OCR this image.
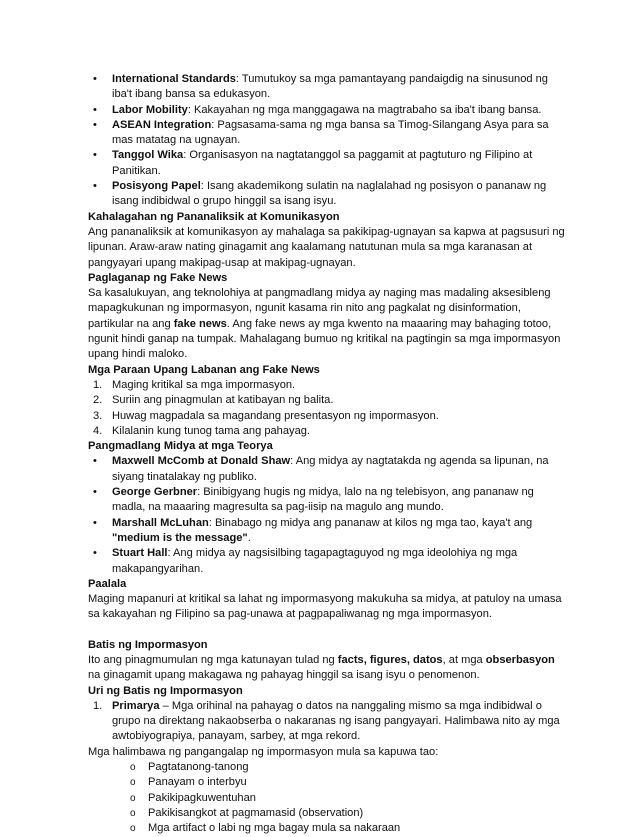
• International Standards: Tumutukoy sa mga pamantayang pandaigdig na sinusunod ng iba't ibang bansa sa edukasyon.
• Labor Mobility: Kakayahan ng mga manggagawa na magtrabaho sa iba't ibang bansa.
• ASEAN Integration: Pagsasama-sama ng mga bansa sa Timog-Silangang Asya para sa mas matatag na ugnayan.
• Tanggol Wika: Organisasyon na nagtatanggol sa paggamit at pagtuturo ng Filipino at Panitikan.
• Posisyong Papel: Isang akademikong sulatin na naglalahad ng posisyon o pananaw ng isang indibidwal o grupo hinggil sa isang isyu.

Kahalagahan ng Pananaliksik at Komunikasyon

Ang pananaliksik at komunikasyon ay mahalaga sa pakikipag-ugnayan sa kapwa at pagsusuri ng lipunan. Araw-araw nating ginagamit ang kaalamang natutunan mula sa mga karanasan at pangyayari upang makipag-usap at makipag-ugnayan.

Paglaganap ng Fake News

Sa kasalukuyan, ang teknolohiya at pangmadlang midya ay naging mas madaling aksesibleng mapagkukunan ng impormasyon, ngunit kasama rin nito ang pagkalat ng disinformation, partikular na ang fake news. Ang fake news ay mga kwento na maaaring may bahaging totoo, ngunit hindi ganap na tumpak. Mahalagang bumuo ng kritikal na pagtingin sa mga impormasyon upang hindi maloko.

Mga Paraan Upang Labanan ang Fake News

1. Maging kritikal sa mga impormasyon.
2. Suriin ang pinagmulan at katibayan ng balita.
3. Huwag magpadala sa magandang presentasyon ng impormasyon.
4. Kilalanin kung tunog tama ang pahayag.

Pangmadlang Midya at mga Teorya

• Maxwell McComb at Donald Shaw: Ang midya ay nagtatakda ng agenda sa lipunan, na siyang tinatalakay ng publiko.
• George Gerbner: Binibigyang hugis ng midya, lalo na ng telebisyon, ang pananaw ng madla, na maaaring magresulta sa pag-iisip na magulo ang mundo.
• Marshall McLuhan: Binabago ng midya ang pananaw at kilos ng mga tao, kaya't ang "medium is the message".
• Stuart Hall: Ang midya ay nagsisilbing tagapagtaguyod ng mga ideolohiya ng mga makapangyarihan.

Paalala

Maging mapanuri at kritikal sa lahat ng impormasyong makukuha sa midya, at patuloy na umasa sa kakayahan ng Filipino sa pag-unawa at pagpapaliwanag ng mga impormasyon.

Batis ng Impormasyon

Ito ang pinagmumulan ng mga katunayan tulad ng facts, figures, datos, at mga obserbasyon na ginagamit upang makagawa ng pahayag hinggil sa isang isyu o penomenon.

Uri ng Batis ng Impormasyon

1. Primarya – Mga orihinal na pahayag o datos na nanggaling mismo sa mga indibidwal o grupo na direktang nakaobserba o nakaranas ng isang pangyayari. Halimbawa nito ay mga awtobiyograpiya, panayam, sarbey, at mga rekord.

Mga halimbawa ng pangangalap ng impormasyon mula sa kapuwa tao:

o Pagtatanong-tanong
o Panayam o interbyu
o Pakikipagkuwentuhan
o Pakikisangkot at pagmamasid (observation)
o Mga artifact o labi ng mga bagay mula sa nakaraan
